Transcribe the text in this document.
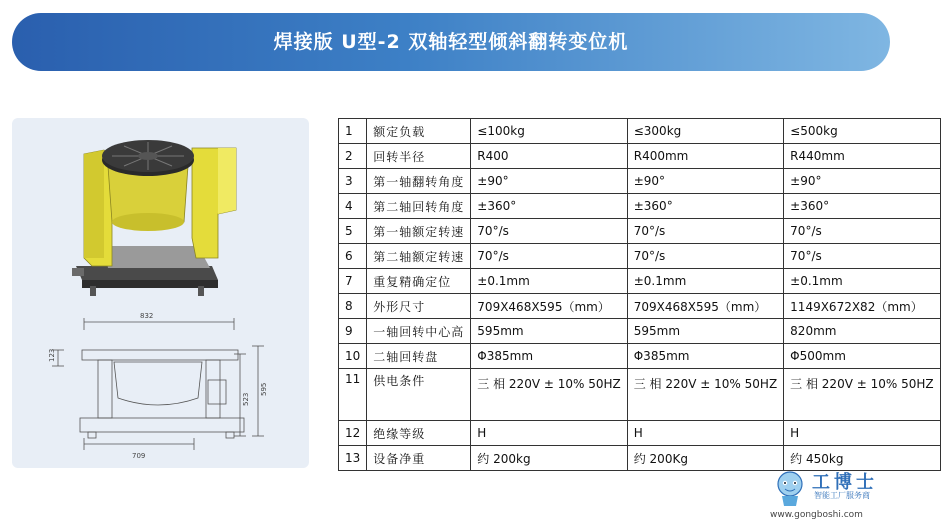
焊接版 U型-2 双轴轻型倾斜翻转变位机
832
709
123
523
595
1	额定负载	≤100kg	≤300kg	≤500kg
2	回转半径	R400	R400mm	R440mm
3	第一轴翻转角度	±90°	±90°	±90°
4	第二轴回转角度	±360°	±360°	±360°
5	第一轴额定转速	70°/s	70°/s	70°/s
6	第二轴额定转速	70°/s	70°/s	70°/s
7	重复精确定位	±0.1mm	±0.1mm	±0.1mm
8	外形尺寸	709X468X595（mm）	709X468X595（mm）	1149X672X82（mm）
9	一轴回转中心高	595mm	595mm	820mm
10	二轴回转盘	Φ385mm	Φ385mm	Φ500mm
11	供电条件	三 相 220V ± 10% 50HZ	三 相 220V ± 10% 50HZ	三 相 220V ± 10% 50HZ
12	绝缘等级	H	H	H
13	设备净重	约 200kg	约 200Kg	约 450kg
工博士
智能工厂服务商
www.gongboshi.com
